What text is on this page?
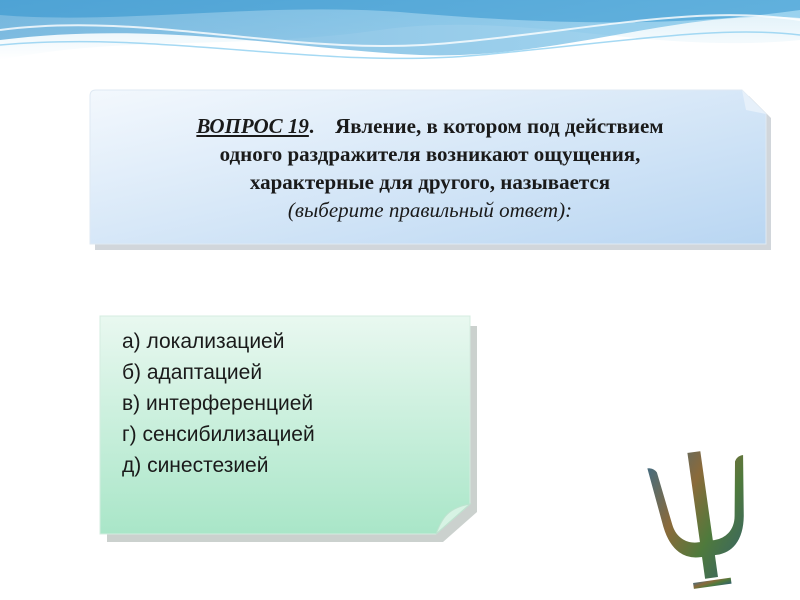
ВОПРОС 19. Явление, в котором под действием
одного раздражителя возникают ощущения,
характерные для другого, называется
(выберите правильный ответ):
а) локализацией
б) адаптацией
в) интерференцией
г) сенсибилизацией
д) синестезией
